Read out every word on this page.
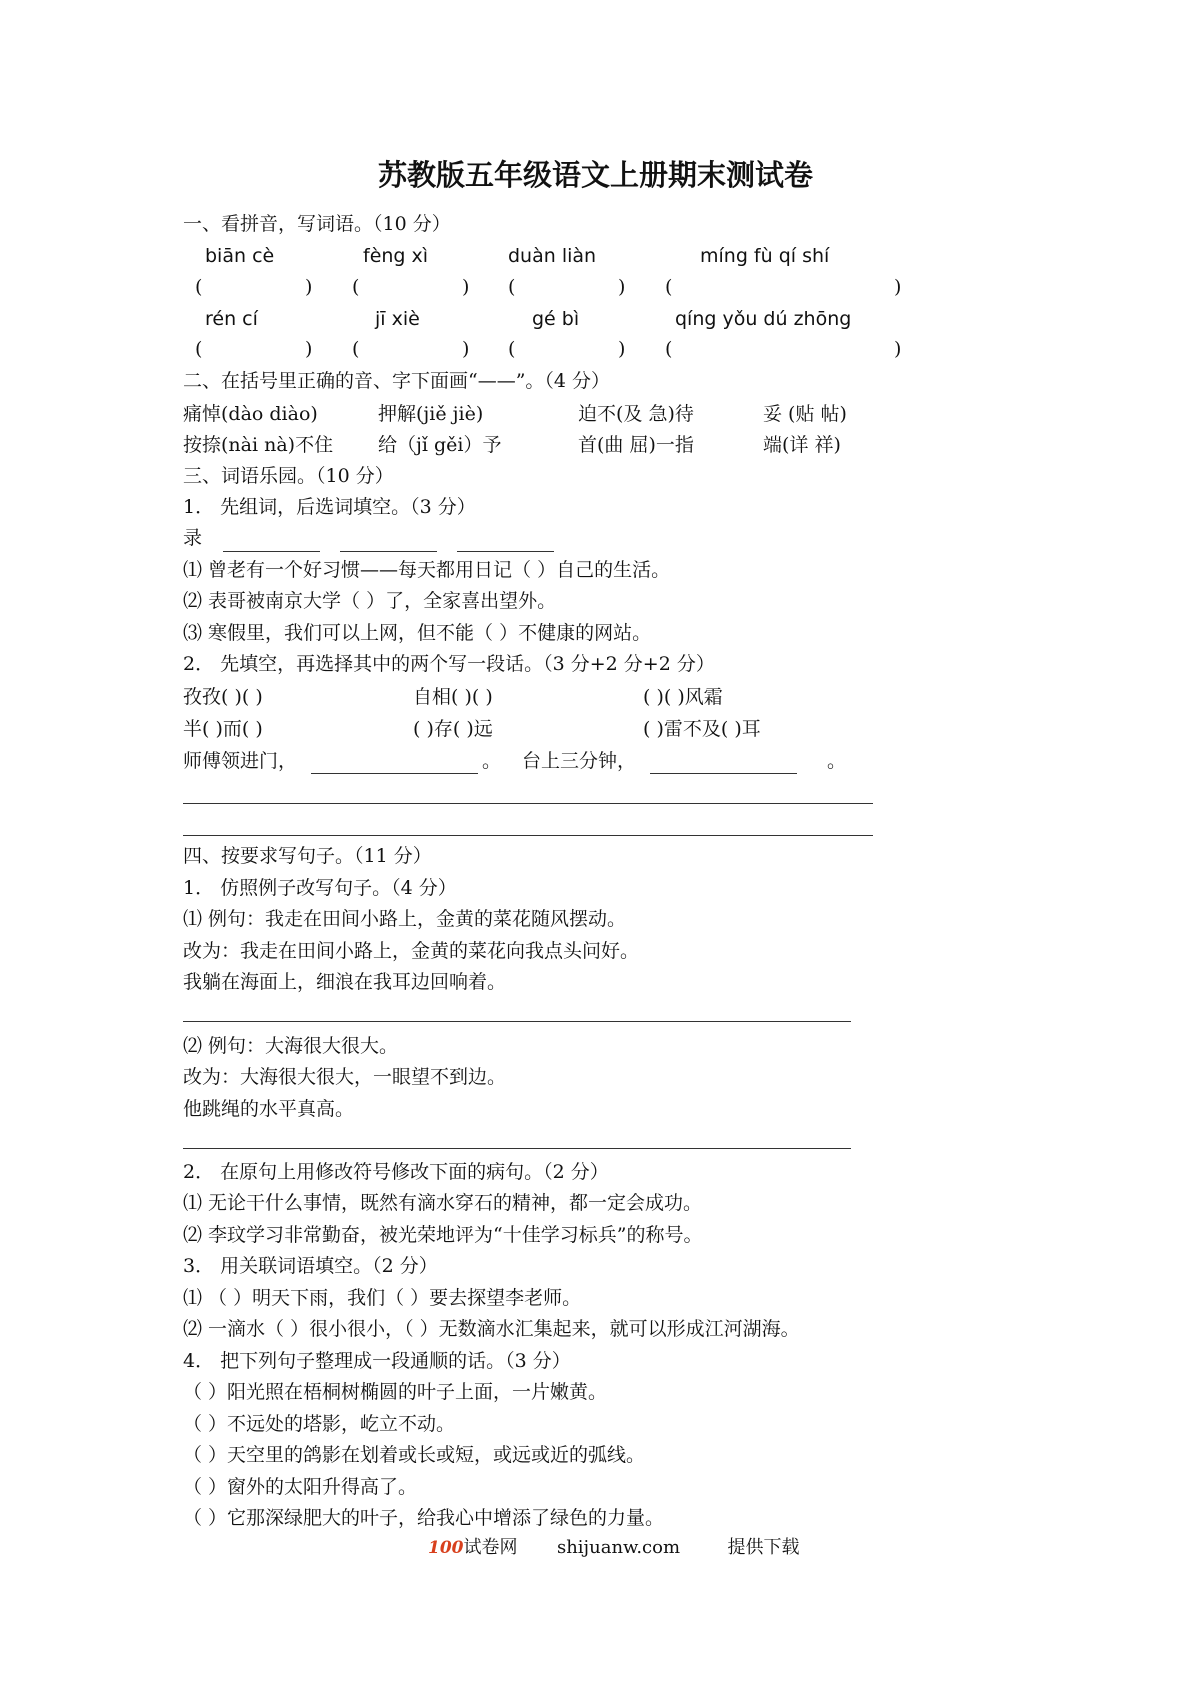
苏教版五年级语文上册期末测试卷
一、看拼音，写词语。（10 分）
biān cè	fèng xì	duàn liàn	míng fù qí shí
(	) (	) (	) (	)
rén cí	jī xiè	gé bì	qíng yǒu dú zhōng
(	) (	) (	) (	)
二、在括号里正确的音、字下面画“——”。（4 分）
痛悼(dào diào)	押解(jiě jiè)	迫不(及 急)待	妥 (贴 帖)
按捺(nài nà)不住 给（jǐ gěi）予	首(曲 屈)一指	端(详 祥)
三、词语乐园。（10 分）
1． 先组词，后选词填空。（3 分）
录
⑴ 曾老有一个好习惯——每天都用日记（ ）自己的生活。
⑵ 表哥被南京大学（ ）了，全家喜出望外。
⑶ 寒假里，我们可以上网，但不能（ ）不健康的网站。
2． 先填空，再选择其中的两个写一段话。（3 分+2 分+2 分）
孜孜( )( )	自相( )( )	( )( )风霜
半( )而( )	( )存( )远	( )雷不及( )耳
师傅领进门，	。 台上三分钟，	。
四、按要求写句子。（11 分）
1． 仿照例子改写句子。（4 分）
⑴ 例句：我走在田间小路上，金黄的菜花随风摆动。
改为：我走在田间小路上，金黄的菜花向我点头问好。
我躺在海面上，细浪在我耳边回响着。
⑵ 例句：大海很大很大。
改为：大海很大很大，一眼望不到边。
他跳绳的水平真高。
2． 在原句上用修改符号修改下面的病句。（2 分）
⑴ 无论干什么事情，既然有滴水穿石的精神，都一定会成功。
⑵ 李玟学习非常勤奋，被光荣地评为“十佳学习标兵”的称号。
3． 用关联词语填空。（2 分）
⑴ （ ）明天下雨，我们（ ）要去探望李老师。
⑵ 一滴水（ ）很小很小，（ ）无数滴水汇集起来，就可以形成江河湖海。
4． 把下列句子整理成一段通顺的话。（3 分）
（ ）阳光照在梧桐树椭圆的叶子上面，一片嫩黄。
（ ）不远处的塔影，屹立不动。
（ ）天空里的鸽影在划着或长或短，或远或近的弧线。
（ ）窗外的太阳升得高了。
（ ）它那深绿肥大的叶子，给我心中增添了绿色的力量。
100试卷网 shijuanw.com	提供下载
